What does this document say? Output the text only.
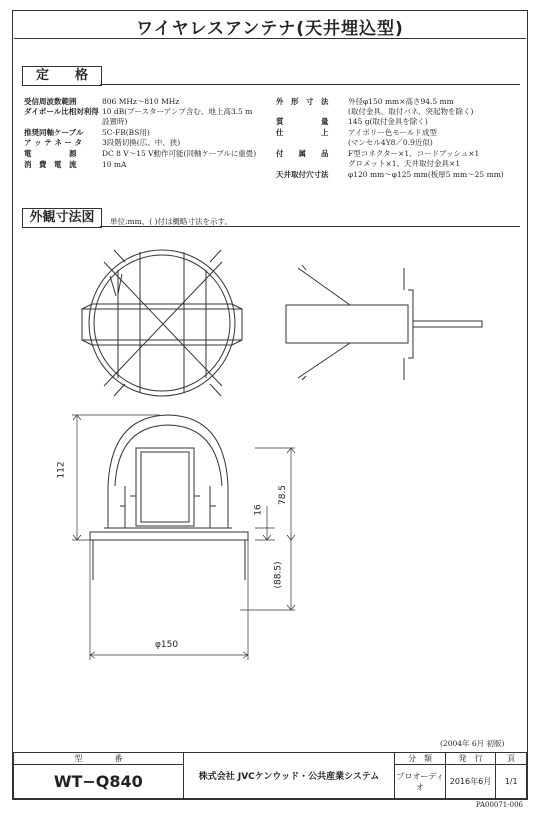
ワイヤレスアンテナ(天井埋込型)
定　　格
受信周波数範囲	806 MHz〜810 MHz
ダイポール比相対利得 10 dB(ブースターアンプ含む、地上高3.5 m
設置時)
推奨同軸ケーブル 5C-FB(BS用)
ア ッ テ ネ ー タ	3段階切換(広、中、狭)
電　　　　　源	DC 8 V〜15 V動作可能(同軸ケーブルに重畳)
消　費　電　流	10 mA
外　形　寸　法	外径φ150 mm×高さ94.5 mm
(取付金具、取付バネ、突起物を除く)
質　　　　　量	145 g(取付金具を除く)
仕　　　　　上	アイボリー色モールド成型
(マンセル4Y8／0.9近似)
付　　属　　品	F型コネクター×1、コードブッシュ×1
グロメット×1、天井取付金具×1
天井取付穴寸法	φ120 mm〜φ125 mm(板厚5 mm〜25 mm)
外観寸法図	単位:mm、( )付は概略寸法を示す。
112
78.5
16
(88.5)
φ150
(2004年 6月 初版)
型　　　　番	株式会社 JVCケンウッド・公共産業システム	分　類	発　行	頁
WT−Q840		プロオーディオ	2016年6月	1/1
PA00071-006
